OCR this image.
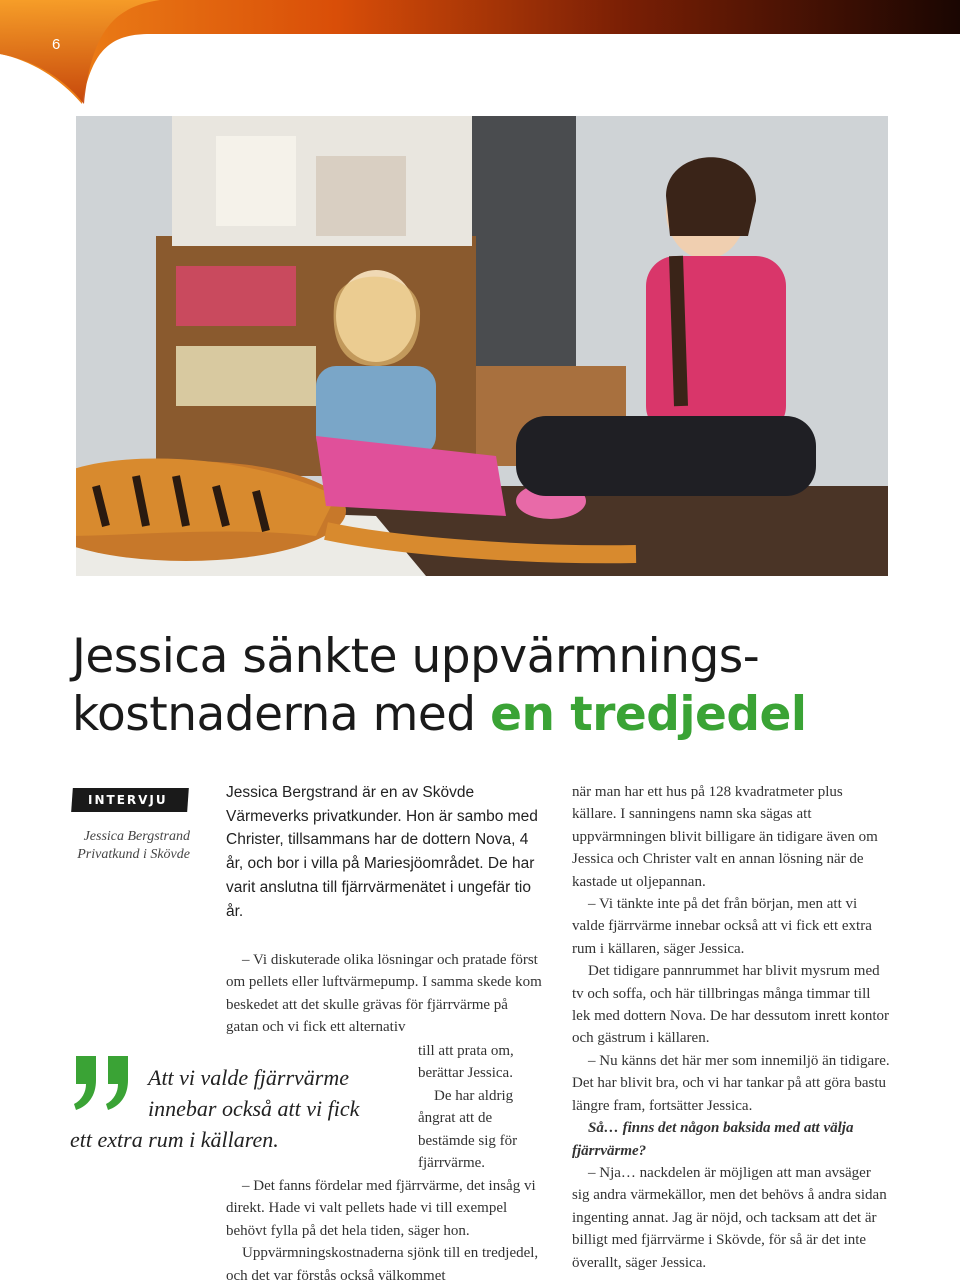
6
Jessica sänkte uppvärmnings-
kostnaderna med en tredjedel
INTERVJU
Jessica Bergstrand
Privatkund i Skövde
Jessica Bergstrand är en av Skövde Värmeverks privatkunder. Hon är sambo med Christer, tillsammans har de dottern Nova, 4 år, och bor i villa på Mariesjöområdet. De har varit anslutna till fjärrvärmenätet i ungefär tio år.

– Vi diskuterade olika lösningar och pratade först om pellets eller luftvärmepump. I samma skede kom beskedet att det skulle grävas för fjärrvärme på gatan och vi fick ett alternativ

till att prata om, berättar Jessica.

De har aldrig ångrat att de bestämde sig för fjärrvärme.

– Det fanns fördelar med fjärrvärme, det insåg vi direkt. Hade vi valt pellets hade vi till exempel behövt fylla på det hela tiden, säger hon.

Uppvärmningskostnaderna sjönk till en tredjedel, och det var förstås också välkommet

Att vi valde fjärrvärme
innebar också att vi fick
ett extra rum i källaren.

när man har ett hus på 128 kvadratmeter plus källare. I sanningens namn ska sägas att uppvärmningen blivit billigare än tidigare även om Jessica och Christer valt en annan lösning när de kastade ut oljepannan.

– Vi tänkte inte på det från början, men att vi valde fjärrvärme innebar också att vi fick ett extra rum i källaren, säger Jessica.

Det tidigare pannrummet har blivit mysrum med tv och soffa, och här tillbringas många timmar till lek med dottern Nova. De har dessutom inrett kontor och gästrum i källaren.

– Nu känns det här mer som innemiljö än tidigare. Det har blivit bra, och vi har tankar på att göra bastu längre fram, fortsätter Jessica.

Så… finns det någon baksida med att välja fjärrvärme?

– Nja… nackdelen är möjligen att man avsäger sig andra värmekällor, men det behövs å andra sidan ingenting annat. Jag är nöjd, och tacksam att det är billigt med fjärrvärme i Skövde, för så är det inte överallt, säger Jessica.
